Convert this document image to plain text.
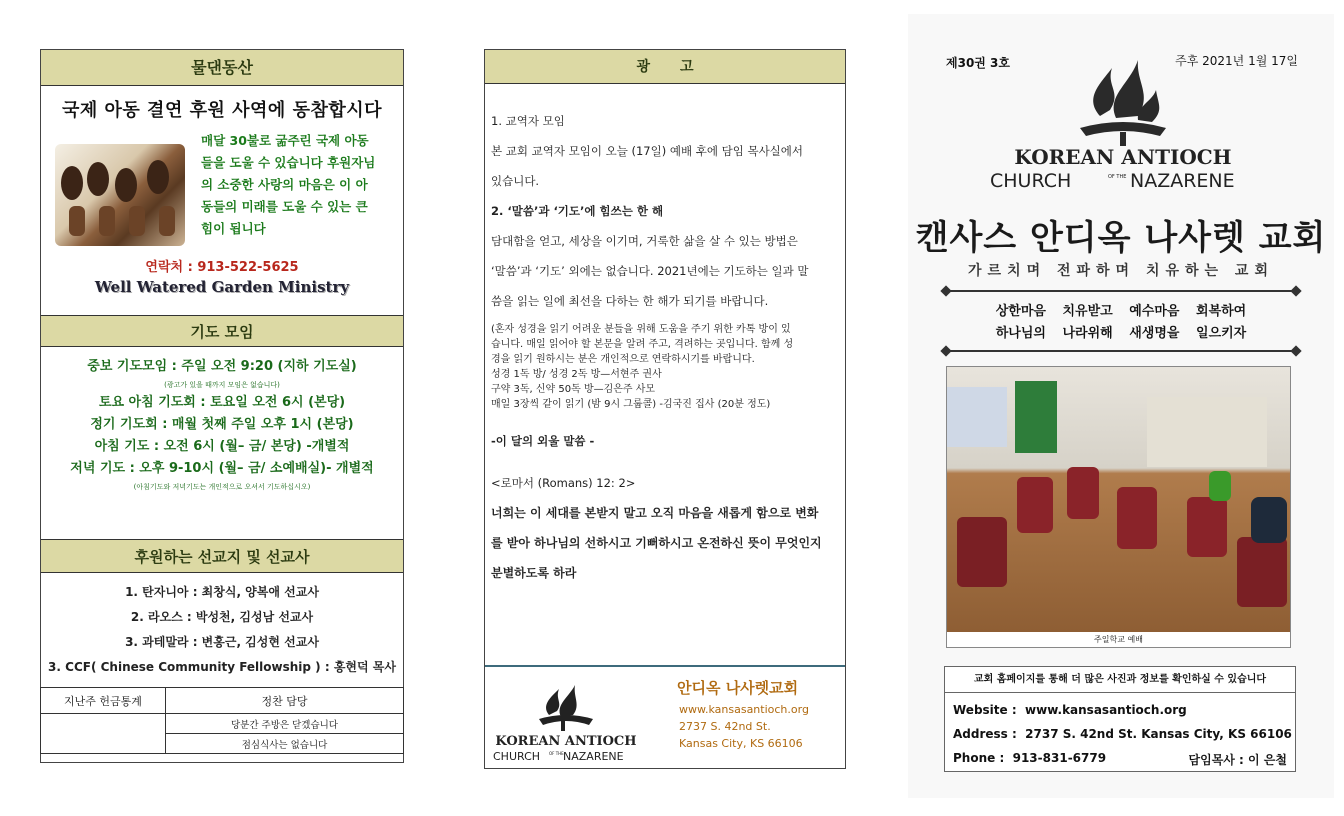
물댄동산
국제 아동 결연 후원 사역에 동참합시다
매달 30불로 굶주린 국제 아동
들을 도울 수 있습니다 후원자님
의 소중한 사랑의 마음은 이 아
동들의 미래를 도울 수 있는 큰
힘이 됩니다
연락처 : 913-522-5625
Well Watered Garden Ministry
기도 모임
중보 기도모임 : 주일 오전 9:20 (지하 기도실)
(광고가 있을 때까지 모임은 없습니다)
토요 아침 기도회 : 토요일 오전 6시 (본당)
정기 기도회 : 매월 첫째 주일 오후 1시 (본당)
아침 기도 : 오전 6시 (월– 금/ 본당) -개별적
저녁 기도 : 오후 9-10시 (월– 금/ 소예배실)- 개별적
(아침기도와 저녁기도는 개인적으로 오셔서 기도하십시오)
후원하는 선교지 및 선교사
1. 탄자니아 : 최창식, 양복애 선교사
2. 라오스 : 박성천, 김성남 선교사
3. 과테말라 : 변홍근, 김성현 선교사
3. CCF( Chinese Community Fellowship ) : 홍현덕 목사
지난주 헌금통계	정찬 담당
	당분간 주방은 닫겠습니다
	점심식사는 없습니다
광고
1. 교역자 모임
본 교회 교역자 모임이 오늘 (17일) 예배 후에 담임 목사실에서
있습니다.
2. ‘말씀’과 ‘기도’에 힘쓰는 한 해
담대함을 얻고, 세상을 이기며, 거룩한 삶을 살 수 있는 방법은
‘말씀’과 ‘기도’ 외에는 없습니다. 2021년에는 기도하는 일과 말
씀을 읽는 일에 최선을 다하는 한 해가 되기를 바랍니다.
(혼자 성경을 읽기 어려운 분들을 위해 도움을 주기 위한 카톡 방이 있
습니다. 매일 읽어야 할 본문을 알려 주고, 격려하는 곳입니다. 함께 성
경을 읽기 원하시는 분은 개인적으로 연락하시기를 바랍니다.
성경 1독 방/ 성경 2독 방—서현주 권사
구약 3독, 신약 50독 방—김은주 사모
매일 3장씩 같이 읽기 (밤 9시 그룹콜) -김국진 집사 (20분 정도)
-이 달의 외울 말씀 -
<로마서 (Romans) 12: 2>
너희는 이 세대를 본받지 말고 오직 마음을 새롭게 함으로 변화
를 받아 하나님의 선하시고 기뻐하시고 온전하신 뜻이 무엇인지
분별하도록 하라
KOREAN ANTIOCH
CHURCH OF THE NAZARENE
안디옥 나사렛교회
www.kansasantioch.org
2737 S. 42nd St.
Kansas City, KS 66106
제30권 3호	주후 2021년 1월 17일
KOREAN ANTIOCH
CHURCH	OF THE NAZARENE
캔사스 안디옥 나사렛 교회
가르치며 전파하며 치유하는 교회
상한마음 치유받고 예수마음 회복하여
하나님의 나라위해 새생명을 일으키자
주일학교 예배
교회 홈페이지를 통해 더 많은 사진과 정보를 확인하실 수 있습니다
Website : www.kansasantioch.org
Address : 2737 S. 42nd St. Kansas City, KS 66106
Phone : 913-831-6779	담임목사 : 이 은철
